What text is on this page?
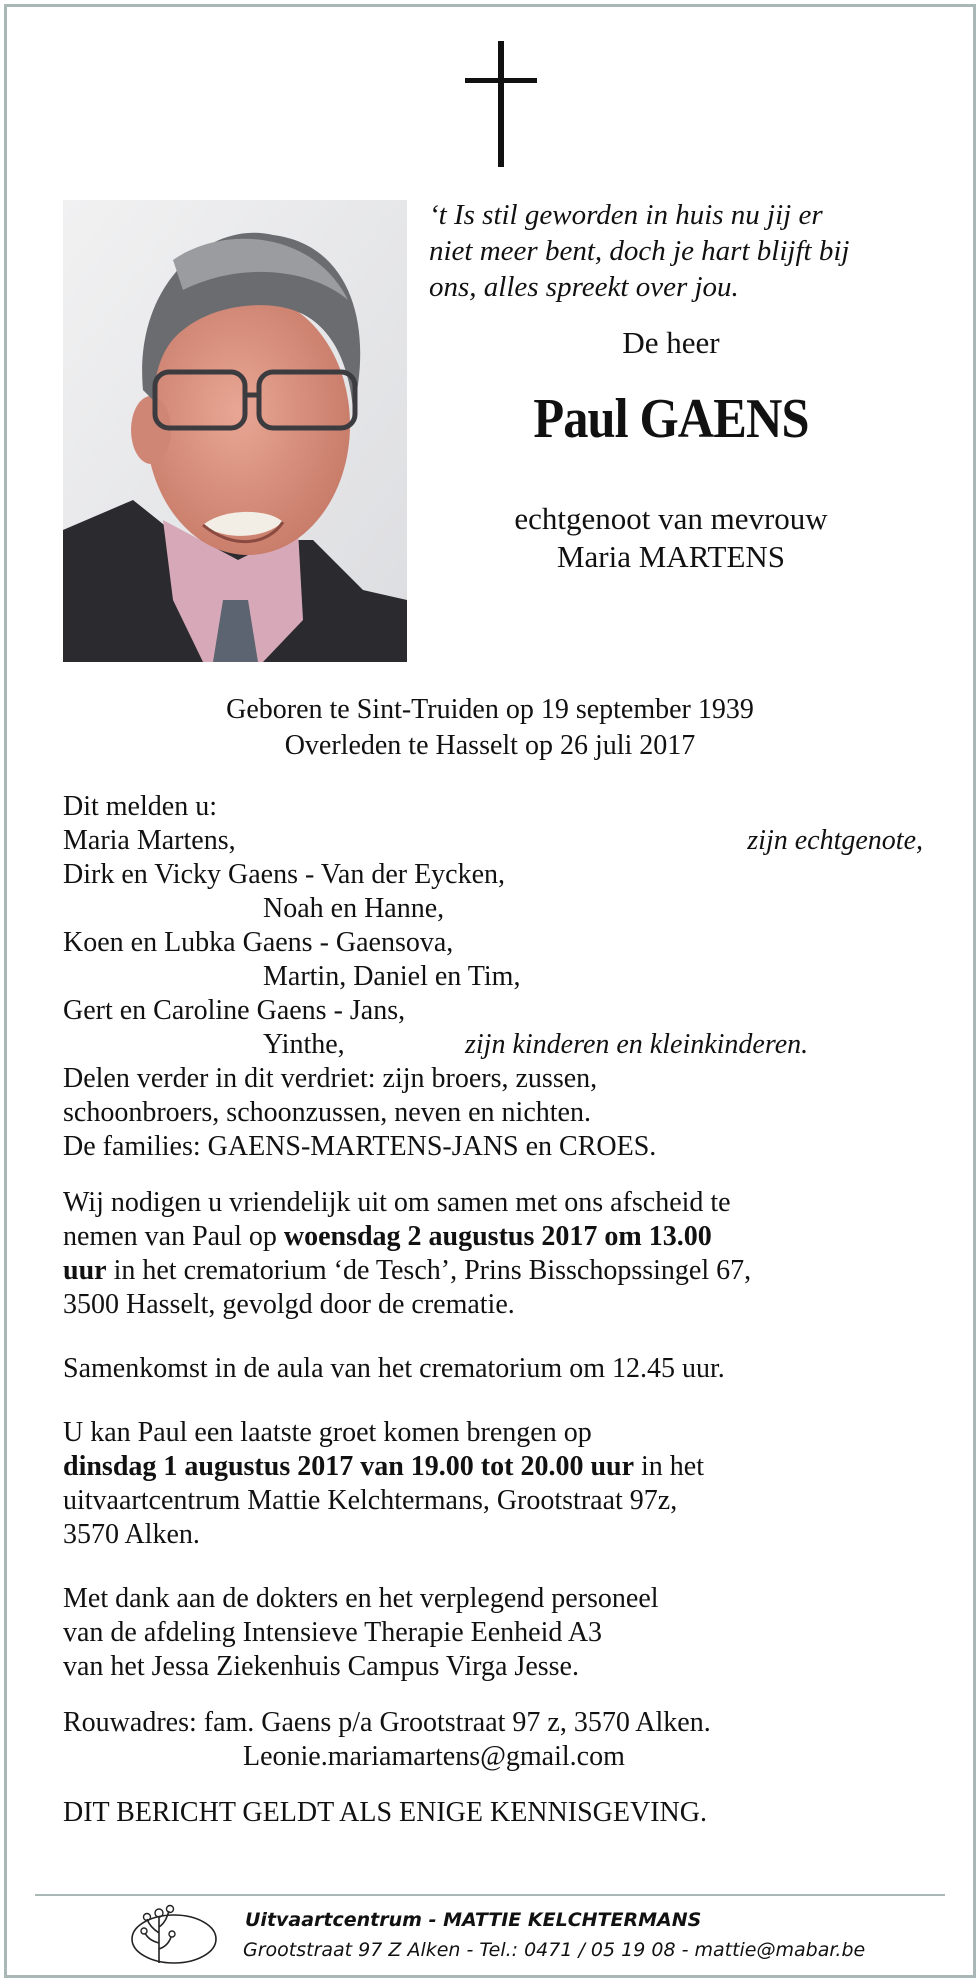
‘t Is stil geworden in huis nu jij er
niet meer bent, doch je hart blijft bij
ons, alles spreekt over jou.
De heer
Paul GAENS
echtgenoot van mevrouw
Maria MARTENS
Geboren te Sint-Truiden op 19 september 1939
Overleden te Hasselt op 26 juli 2017
Dit melden u:
Maria Martens,	zijn echtgenote,
Dirk en Vicky Gaens - Van der Eycken,
Noah en Hanne,
Koen en Lubka Gaens - Gaensova,
Martin, Daniel en Tim,
Gert en Caroline Gaens - Jans,
Yinthe,	zijn kinderen en kleinkinderen.
Delen verder in dit verdriet: zijn broers, zussen,
schoonbroers, schoonzussen, neven en nichten.
De families: GAENS-MARTENS-JANS en CROES.
Wij nodigen u vriendelijk uit om samen met ons afscheid te
nemen van Paul op woensdag 2 augustus 2017 om 13.00
uur in het crematorium ‘de Tesch’, Prins Bisschopssingel 67,
3500 Hasselt, gevolgd door de crematie.
Samenkomst in de aula van het crematorium om 12.45 uur.
U kan Paul een laatste groet komen brengen op
dinsdag 1 augustus 2017 van 19.00 tot 20.00 uur in het
uitvaartcentrum Mattie Kelchtermans, Grootstraat 97z,
3570 Alken.
Met dank aan de dokters en het verplegend personeel
van de afdeling Intensieve Therapie Eenheid A3
van het Jessa Ziekenhuis Campus Virga Jesse.
Rouwadres: fam. Gaens p/a Grootstraat 97 z, 3570 Alken.
Leonie.mariamartens@gmail.com
DIT BERICHT GELDT ALS ENIGE KENNISGEVING.
Uitvaartcentrum - MATTIE KELCHTERMANS
Grootstraat 97 Z Alken - Tel.: 0471 / 05 19 08 - mattie@mabar.be
